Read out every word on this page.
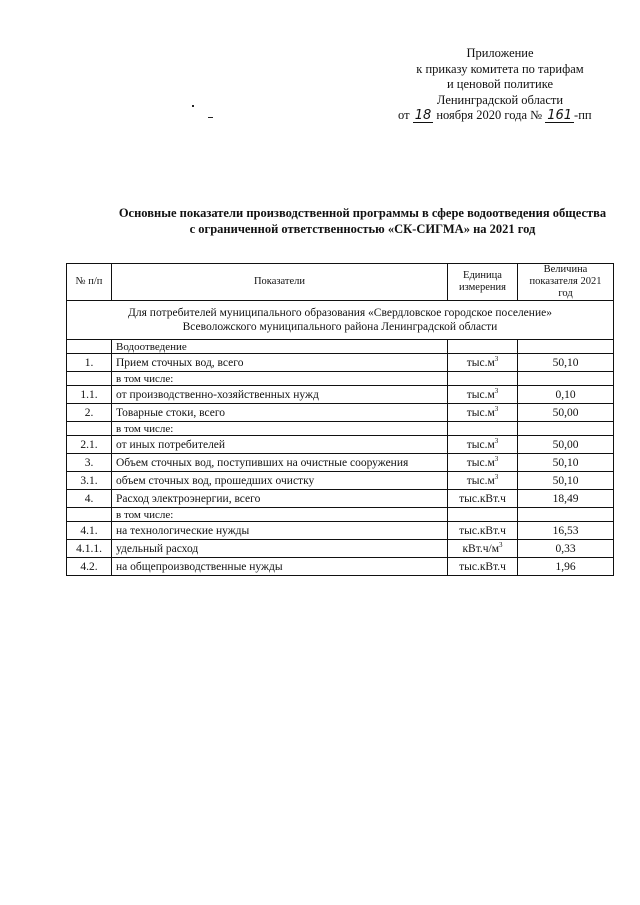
Приложение
к приказу комитета по тарифам
и ценовой политике
Ленинградской области
от 18 ноября 2020 года № 161 -пп
Основные показатели производственной программы в сфере водоотведения общества
с ограниченной ответственностью «СК-СИГМА» на 2021 год
№ п/п	Показатели	Единица измерения	Величина показателя 2021 год
Для потребителей муниципального образования «Свердловское городское поселение»
Всеволожского муниципального района Ленинградской области			
	Водоотведение		
1.	Прием сточных вод, всего	$тыс.м^3$	50,10
	в том числе:		
1.1.	от производственно-хозяйственных нужд	$тыс.м^3$	0,10
2.	Товарные стоки, всего	$тыс.м^3$	50,00
	в том числе:		
2.1.	от иных потребителей	$тыс.м^3$	50,00
3.	Объем сточных вод, поступивших на очистные сооружения	$тыс.м^3$	50,10
3.1.	объем сточных вод, прошедших очистку	$тыс.м^3$	50,10
4.	Расход электроэнергии, всего	тыс.кВт.ч	18,49
	в том числе:		
4.1.	на технологические нужды	тыс.кВт.ч	16,53
4.1.1.	удельный расход	$кВт.ч/м^3$	0,33
4.2.	на общепроизводственные нужды	тыс.кВт.ч	1,96
